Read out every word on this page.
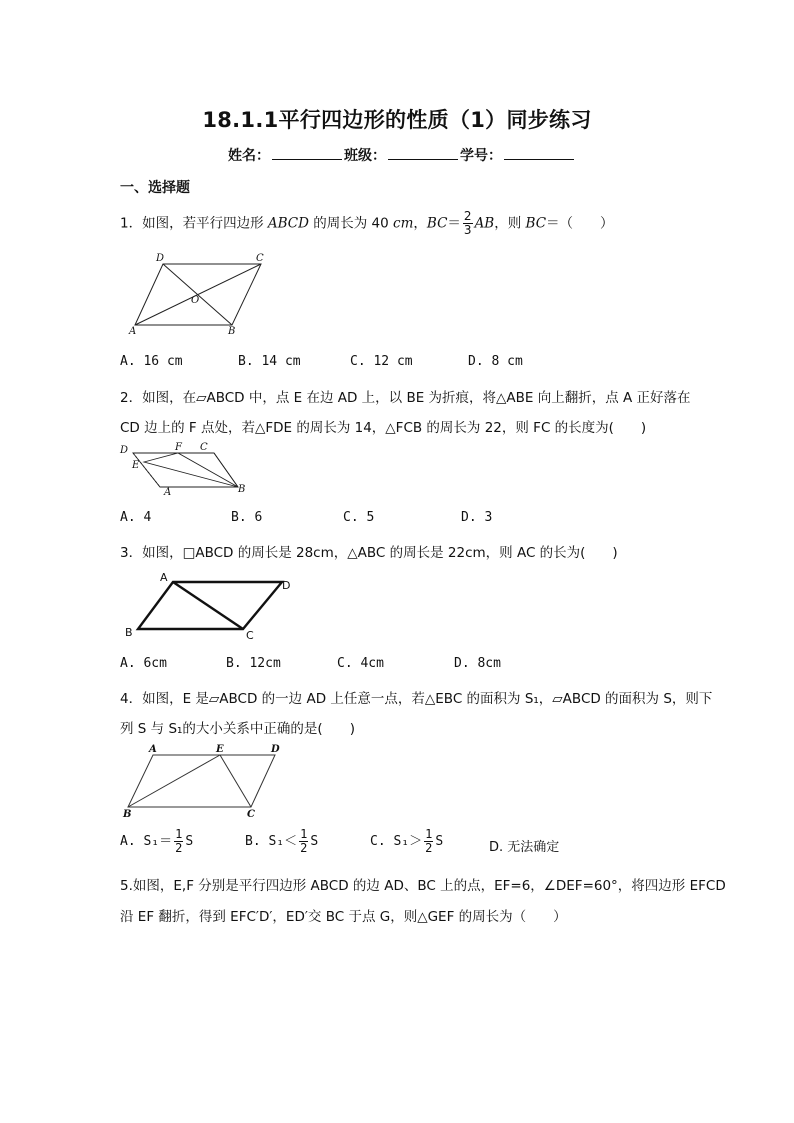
18.1.1平行四边形的性质（1）同步练习
姓名：	班级：	学号：
一、选择题
1．如图，若平行四边形 ABCD 的周长为 40 cm，$BC= \frac{2}{3}$ AB，则 BC＝（　　）
D	C
O
A	B
A. 16 cm	B. 14 cm	C. 12 cm	D. 8 cm
2．如图，在▱ABCD 中，点 E 在边 AD 上，以 BE 为折痕，将△ABE 向上翻折，点 A 正好落在
CD 边上的 F 点处，若△FDE 的周长为 14，△FCB 的周长为 22，则 FC 的长度为(　　)
D	F C
E
A	B
A. 4	B. 6	C. 5	D. 3
3．如图，□ABCD 的周长是 28cm，△ABC 的周长是 22cm，则 AC 的长为(　　)
A
D
B	C
A. 6cm	B. 12cm	C. 4cm	D. 8cm
4．如图，E 是▱ABCD 的一边 AD 上任意一点，若△EBC 的面积为 S₁，▱ABCD 的面积为 S，则下
列 S 与 S₁的大小关系中正确的是(　　)
A	E	D
B	C
A. $S_1= \frac{1}{2}$ S	B. $S_1< \frac{1}{2}$ S	C. $S_1> \frac{1}{2}$ S	D. 无法确定
5.如图，E,F 分别是平行四边形 ABCD 的边 AD、BC 上的点，EF=6，∠DEF=60°，将四边形 EFCD
沿 EF 翻折，得到 EFC′D′，ED′交 BC 于点 G，则△GEF 的周长为（　　）
